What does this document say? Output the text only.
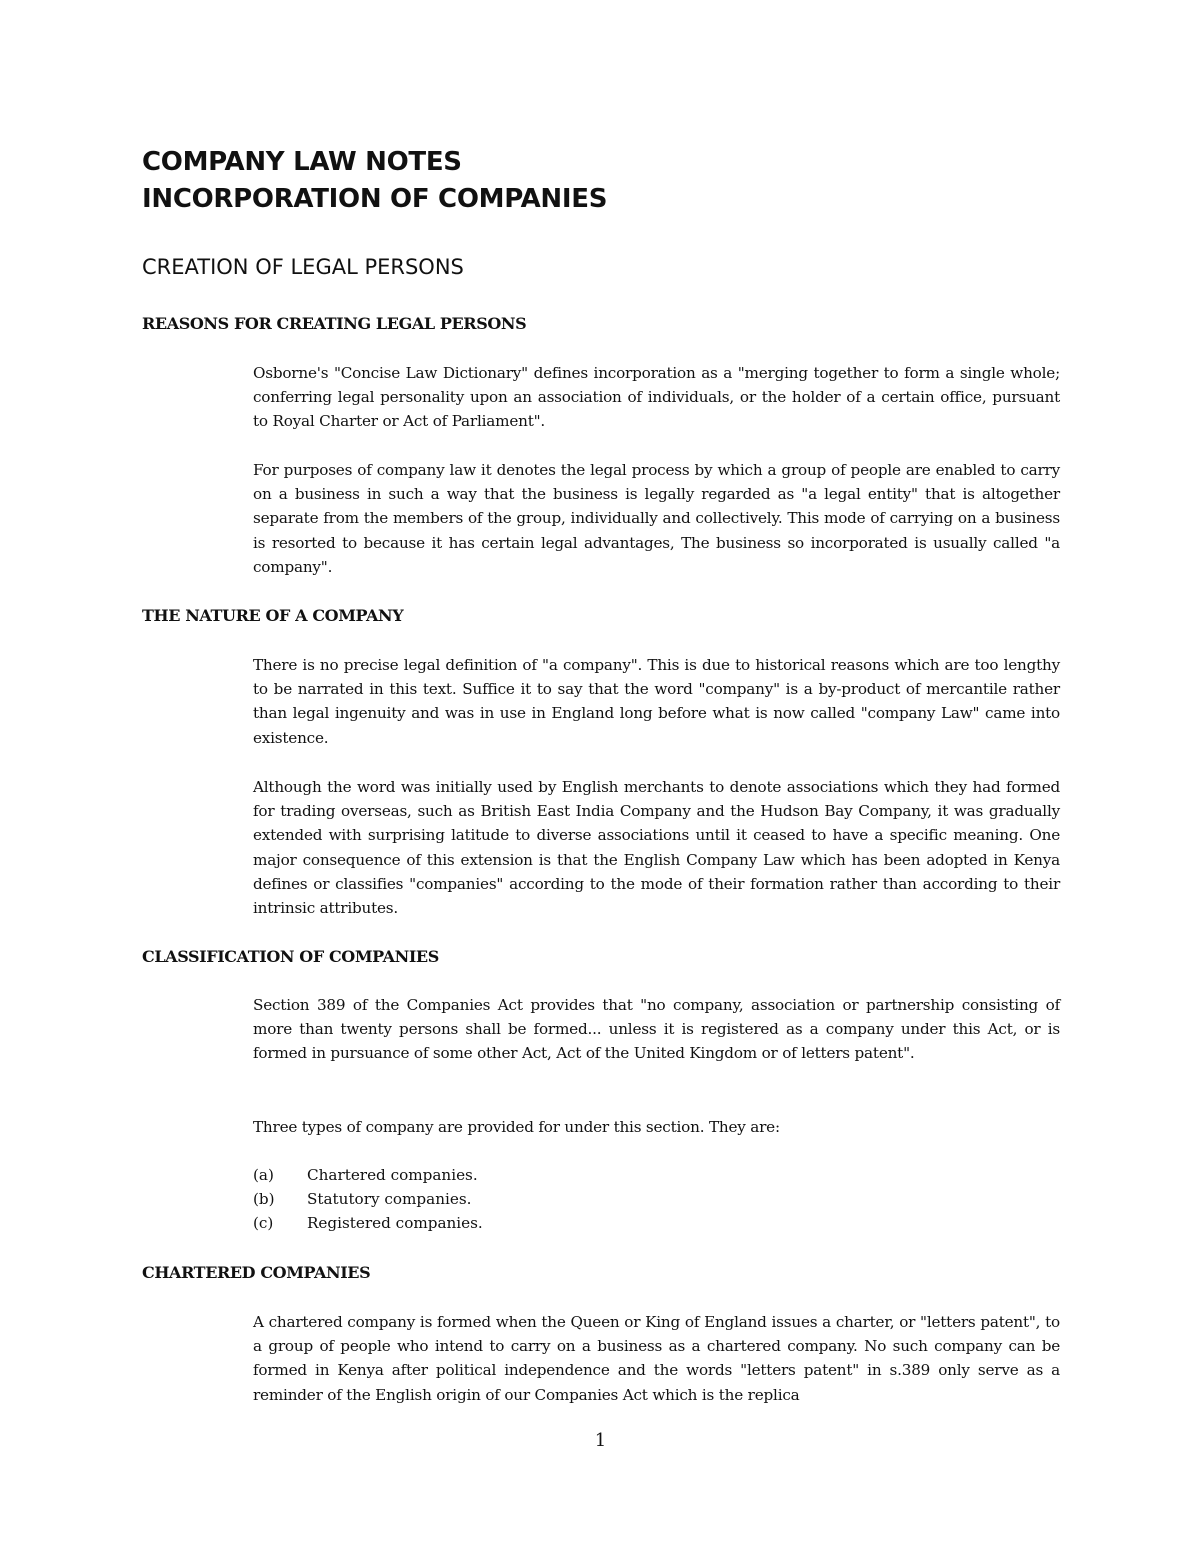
COMPANY LAW NOTES
INCORPORATION OF COMPANIES
CREATION OF LEGAL PERSONS
REASONS FOR CREATING LEGAL PERSONS

Osborne's "Concise Law Dictionary" defines incorporation as a "merging together to form a single whole; conferring legal personality upon an association of individuals, or the holder of a certain office, pursuant to Royal Charter or Act of Parliament".

For purposes of company law it denotes the legal process by which a group of people are enabled to carry on a business in such a way that the business is legally regarded as "a legal entity" that is altogether separate from the members of the group, individually and collectively. This mode of carrying on a business is resorted to because it has certain legal advantages, The business so incorporated is usually called "a company".

THE NATURE OF A COMPANY

There is no precise legal definition of "a company". This is due to historical reasons which are too lengthy to be narrated in this text. Suffice it to say that the word "company" is a by-product of mercantile rather than legal ingenuity and was in use in England long before what is now called "company Law" came into existence.

Although the word was initially used by English merchants to denote associations which they had formed for trading overseas, such as British East India Company and the Hudson Bay Company, it was gradually extended with surprising latitude to diverse associations until it ceased to have a specific meaning. One major consequence of this extension is that the English Company Law which has been adopted in Kenya defines or classifies "companies" according to the mode of their formation rather than according to their intrinsic attributes.

CLASSIFICATION OF COMPANIES

Section 389 of the Companies Act provides that "no company, association or partnership consisting of more than twenty persons shall be formed... unless it is registered as a company under this Act, or is formed in pursuance of some other Act, Act of the United Kingdom or of letters patent".

Three types of company are provided for under this section. They are:

(a)	Chartered companies.
(b)	Statutory companies.
(c)	Registered companies.
CHARTERED COMPANIES

A chartered company is formed when the Queen or King of England issues a charter, or "letters patent", to a group of people who intend to carry on a business as a chartered company. No such company can be formed in Kenya after political independence and the words "letters patent" in s.389 only serve as a reminder of the English origin of our Companies Act which is the replica

1
